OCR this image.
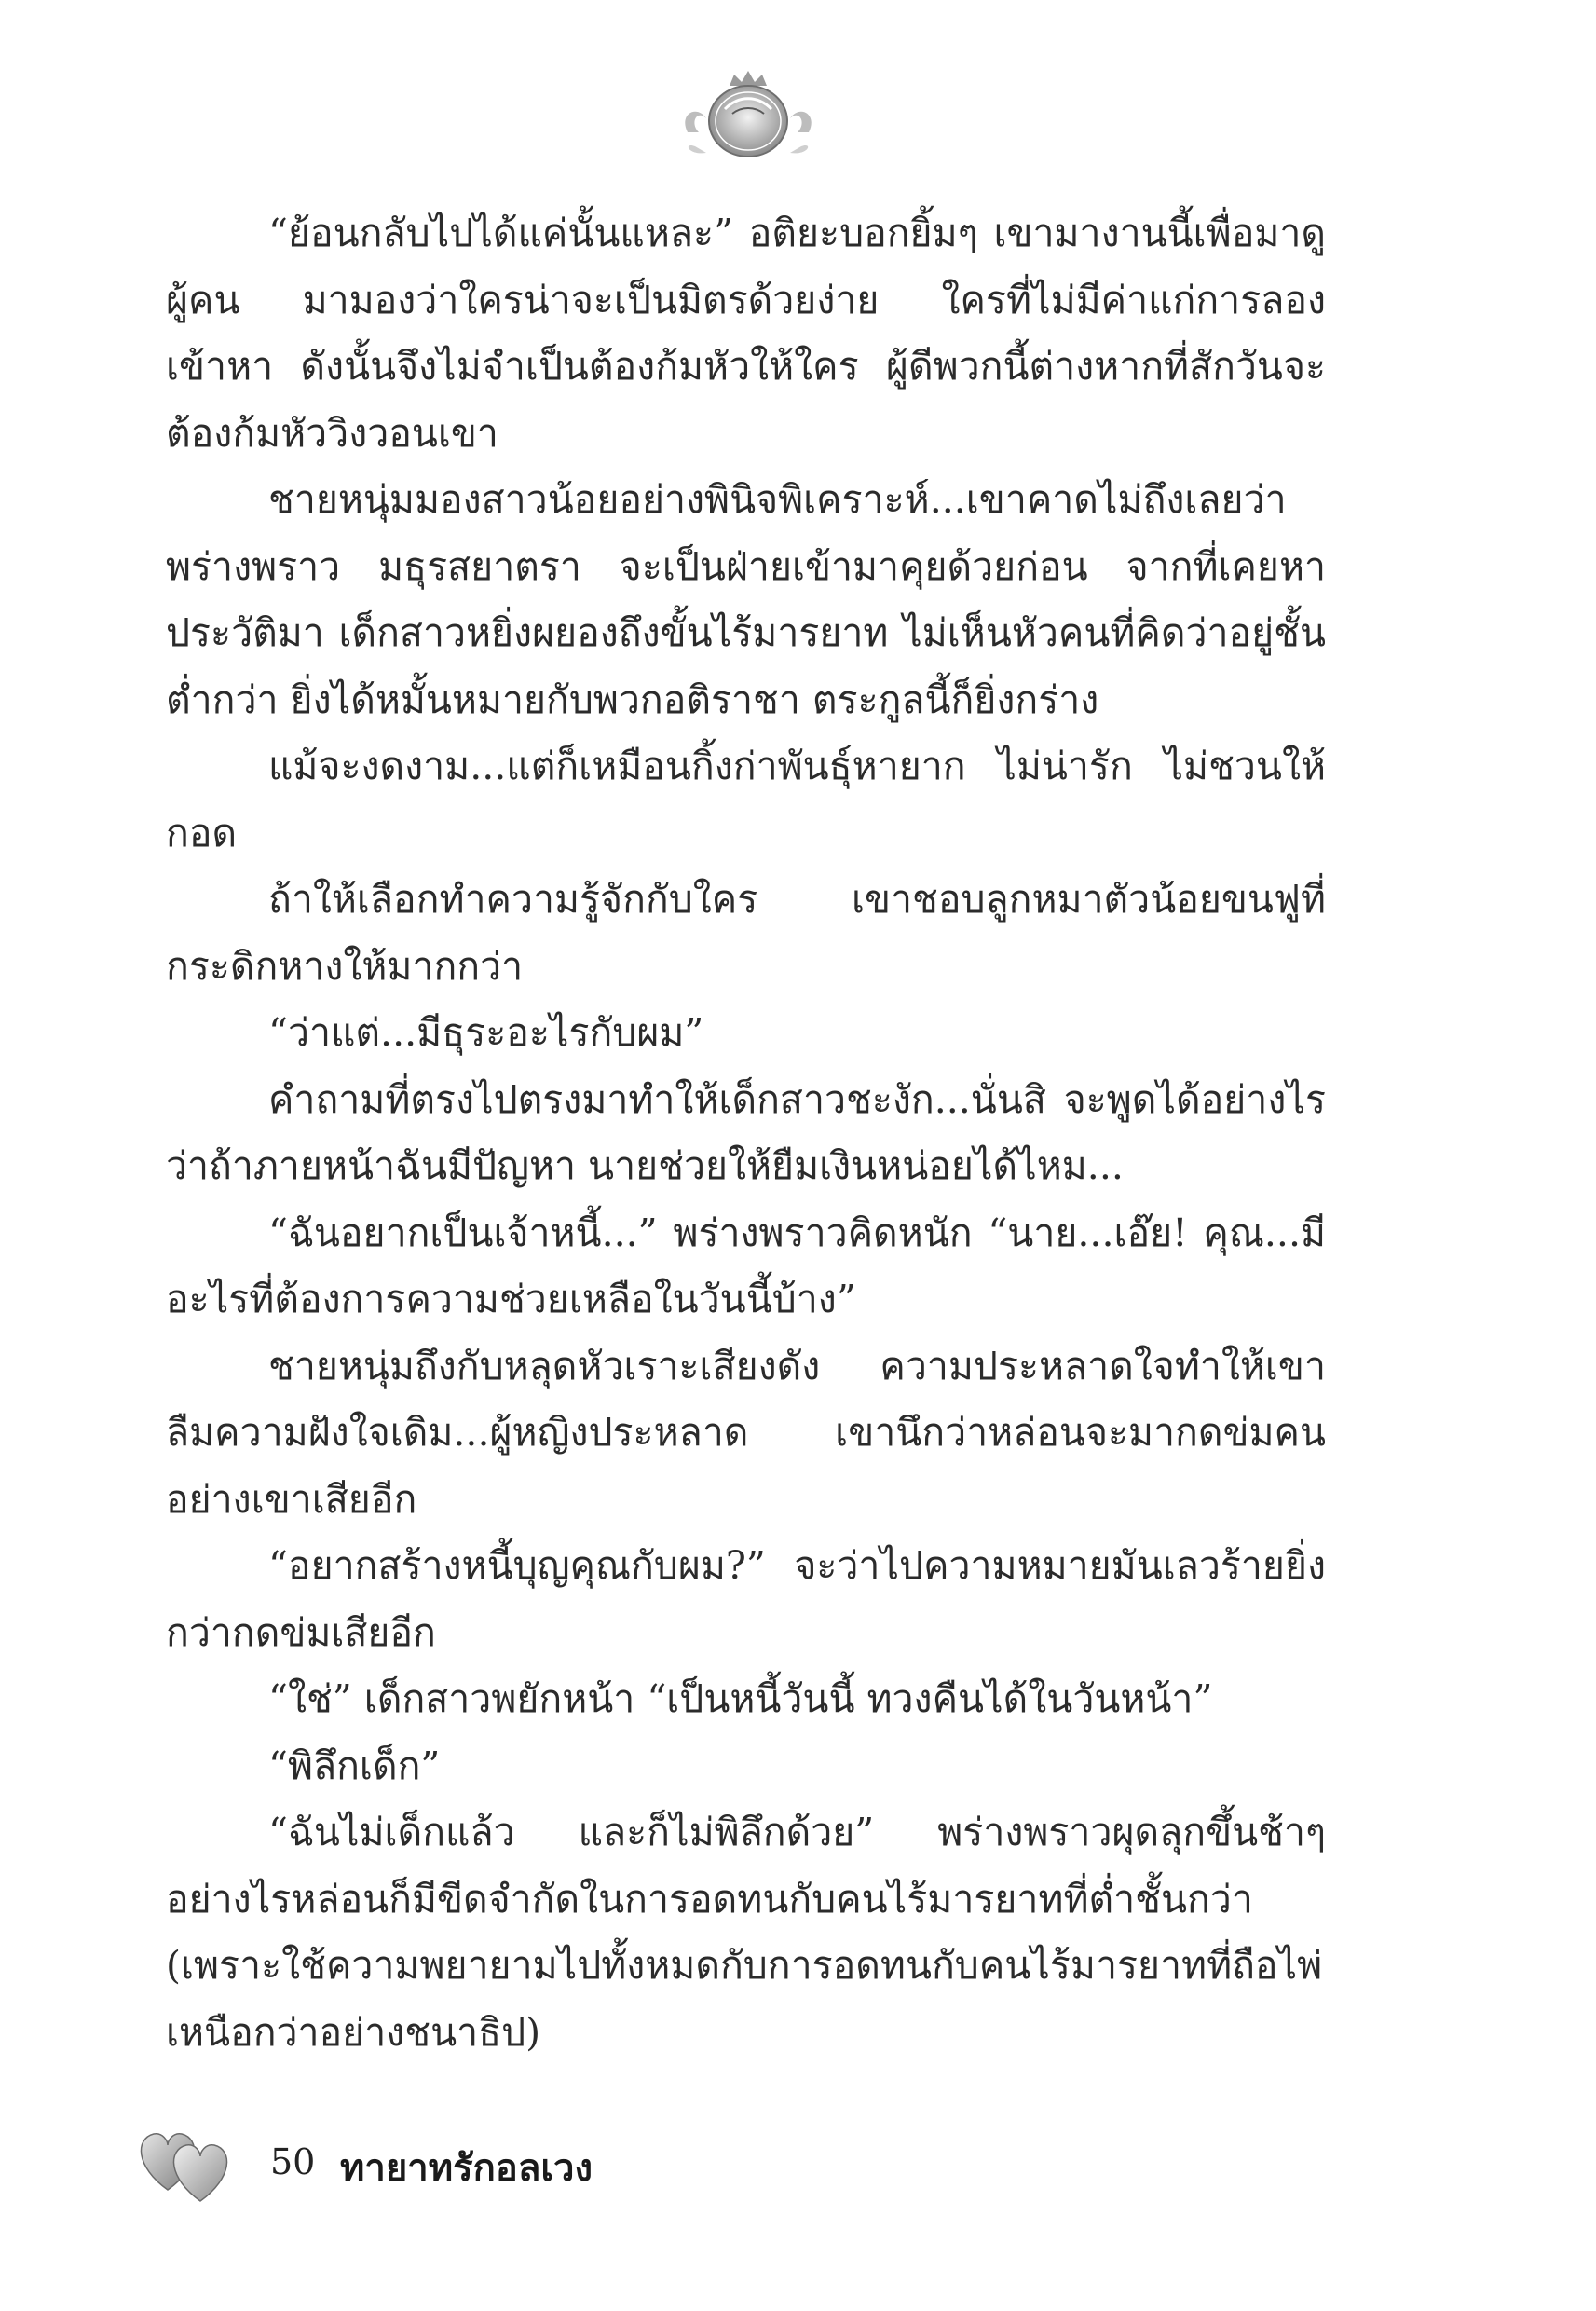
“ย้อนกลับไปได้แค่นั้นแหละ” อติยะบอกยิ้มๆ เขามางานนี้เพื่อมาดูผู้คน มามองว่าใครน่าจะเป็นมิตรด้วยง่าย ใครที่ไม่มีค่าแก่การลองเข้าหา ดังนั้นจึงไม่จำเป็นต้องก้มหัวให้ใคร ผู้ดีพวกนี้ต่างหากที่สักวันจะต้องก้มหัววิงวอนเขา

ชายหนุ่มมองสาวน้อยอย่างพินิจพิเคราะห์...เขาคาดไม่ถึงเลยว่า พร่างพราว มธุรสยาตรา จะเป็นฝ่ายเข้ามาคุยด้วยก่อน จากที่เคยหาประวัติมา เด็กสาวหยิ่งผยองถึงขั้นไร้มารยาท ไม่เห็นหัวคนที่คิดว่าอยู่ชั้นต่ำกว่า ยิ่งได้หมั้นหมายกับพวกอติราชา ตระกูลนี้ก็ยิ่งกร่าง

แม้จะงดงาม...แต่ก็เหมือนกิ้งก่าพันธุ์หายาก ไม่น่ารัก ไม่ชวนให้กอด

ถ้าให้เลือกทำความรู้จักกับใคร เขาชอบลูกหมาตัวน้อยขนฟูที่กระดิกหางให้มากกว่า

“ว่าแต่...มีธุระอะไรกับผม”

คำถามที่ตรงไปตรงมาทำให้เด็กสาวชะงัก...นั่นสิ จะพูดได้อย่างไรว่าถ้าภายหน้าฉันมีปัญหา นายช่วยให้ยืมเงินหน่อยได้ไหม...

“ฉันอยากเป็นเจ้าหนี้...” พร่างพราวคิดหนัก “นาย...เอ๊ย! คุณ...มีอะไรที่ต้องการความช่วยเหลือในวันนี้บ้าง”

ชายหนุ่มถึงกับหลุดหัวเราะเสียงดัง ความประหลาดใจทำให้เขาลืมความฝังใจเดิม...ผู้หญิงประหลาด เขานึกว่าหล่อนจะมากดข่มคนอย่างเขาเสียอีก

“อยากสร้างหนี้บุญคุณกับผม?” จะว่าไปความหมายมันเลวร้ายยิ่งกว่ากดข่มเสียอีก

“ใช่” เด็กสาวพยักหน้า “เป็นหนี้วันนี้ ทวงคืนได้ในวันหน้า”

“พิลึกเด็ก”

“ฉันไม่เด็กแล้ว และก็ไม่พิลึกด้วย” พร่างพราวผุดลุกขึ้นช้าๆ อย่างไรหล่อนก็มีขีดจำกัดในการอดทนกับคนไร้มารยาทที่ต่ำชั้นกว่า (เพราะใช้ความพยายามไปทั้งหมดกับการอดทนกับคนไร้มารยาทที่ถือไพ่เหนือกว่าอย่างชนาธิป)

50 ทายาทรักอลเวง
